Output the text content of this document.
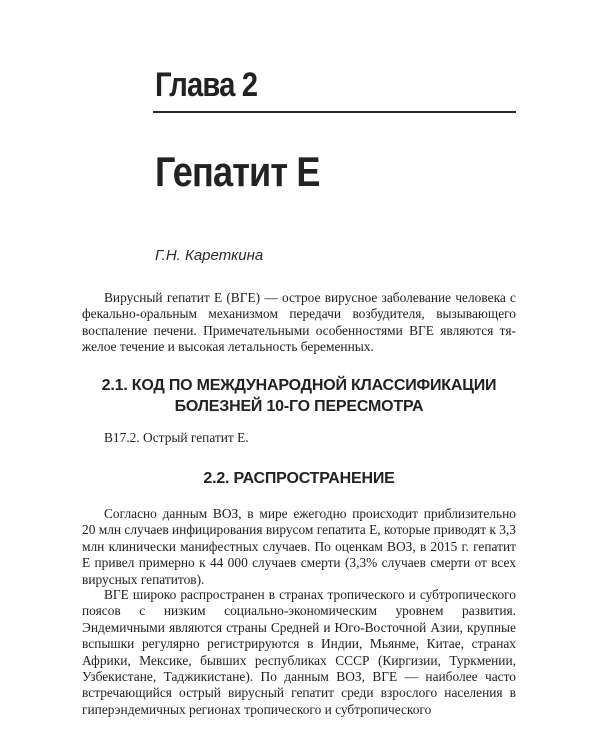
Глава 2
Гепатит Е
Г.Н. Кареткина

Вирусный гепатит Е (ВГЕ) — острое вирусное заболевание человека с фекально-оральным механизмом передачи возбудителя, вызывающего воспаление печени. Примечательными особенностями ВГЕ являются тяжелое течение и высокая летальность беременных.

2.1. КОД ПО МЕЖДУНАРОДНОЙ КЛАССИФИКАЦИИ
БОЛЕЗНЕЙ 10-ГО ПЕРЕСМОТРА

B17.2. Острый гепатит Е.

2.2. РАСПРОСТРАНЕНИЕ

Согласно данным ВОЗ, в мире ежегодно происходит приблизительно 20 млн случаев инфицирования вирусом гепатита Е, которые приводят к 3,3 млн клинически манифестных случаев. По оценкам ВОЗ, в 2015 г. гепатит Е привел примерно к 44 000 случаев смерти (3,3% случаев смерти от всех вирусных гепатитов).

ВГЕ широко распространен в странах тропического и субтропического поясов с низким социально-экономическим уровнем развития. Эндемичными являются страны Средней и Юго-Восточной Азии, крупные вспышки регулярно регистрируются в Индии, Мьянме, Китае, странах Африки, Мексике, бывших республиках СССР (Киргизии, Туркмении, Узбекистане, Таджикистане). По данным ВОЗ, ВГЕ — наиболее часто встречающийся острый вирусный гепатит среди взрослого населения в гиперэндемичных регионах тропического и субтропического
